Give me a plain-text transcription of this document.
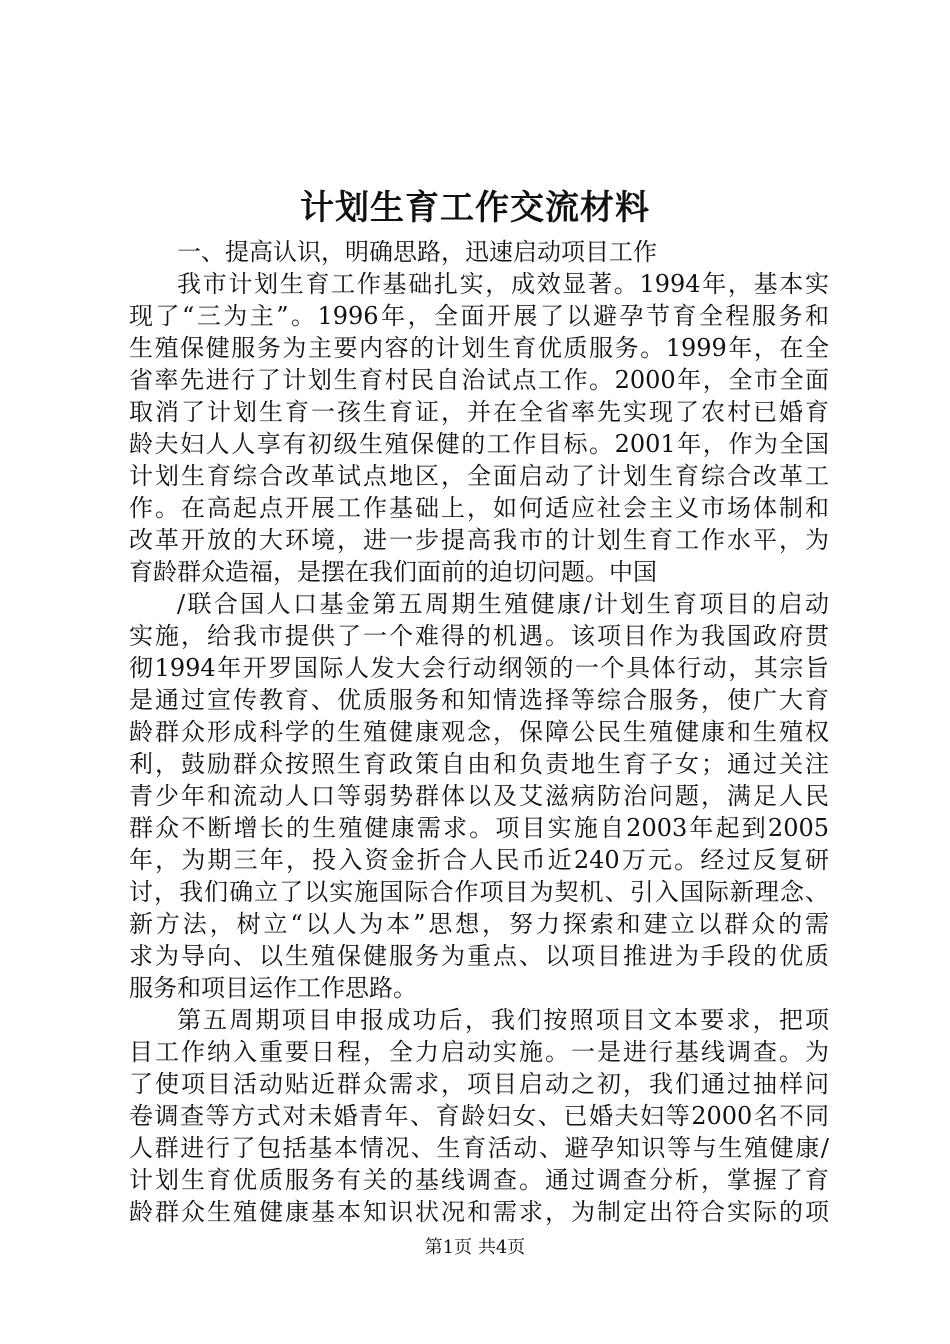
计划生育工作交流材料
一、提高认识，明确思路，迅速启动项目工作
我市计划生育工作基础扎实，成效显著。1994年，基本实
现了“三为主”。1996年，全面开展了以避孕节育全程服务和
生殖保健服务为主要内容的计划生育优质服务。1999年，在全
省率先进行了计划生育村民自治试点工作。2000年，全市全面
取消了计划生育一孩生育证，并在全省率先实现了农村已婚育
龄夫妇人人享有初级生殖保健的工作目标。2001年，作为全国
计划生育综合改革试点地区，全面启动了计划生育综合改革工
作。在高起点开展工作基础上，如何适应社会主义市场体制和
改革开放的大环境，进一步提高我市的计划生育工作水平，为
育龄群众造福，是摆在我们面前的迫切问题。中国
/联合国人口基金第五周期生殖健康/计划生育项目的启动
实施，给我市提供了一个难得的机遇。该项目作为我国政府贯
彻1994年开罗国际人发大会行动纲领的一个具体行动，其宗旨
是通过宣传教育、优质服务和知情选择等综合服务，使广大育
龄群众形成科学的生殖健康观念，保障公民生殖健康和生殖权
利，鼓励群众按照生育政策自由和负责地生育子女；通过关注
青少年和流动人口等弱势群体以及艾滋病防治问题，满足人民
群众不断增长的生殖健康需求。项目实施自2003年起到2005
年，为期三年，投入资金折合人民币近240万元。经过反复研
讨，我们确立了以实施国际合作项目为契机、引入国际新理念、
新方法，树立“以人为本”思想，努力探索和建立以群众的需
求为导向、以生殖保健服务为重点、以项目推进为手段的优质
服务和项目运作工作思路。
第五周期项目申报成功后，我们按照项目文本要求，把项
目工作纳入重要日程，全力启动实施。一是进行基线调查。为
了使项目活动贴近群众需求，项目启动之初，我们通过抽样问
卷调查等方式对未婚青年、育龄妇女、已婚夫妇等2000名不同
人群进行了包括基本情况、生育活动、避孕知识等与生殖健康/
计划生育优质服务有关的基线调查。通过调查分析，掌握了育
龄群众生殖健康基本知识状况和需求，为制定出符合实际的项
第1页 共4页
